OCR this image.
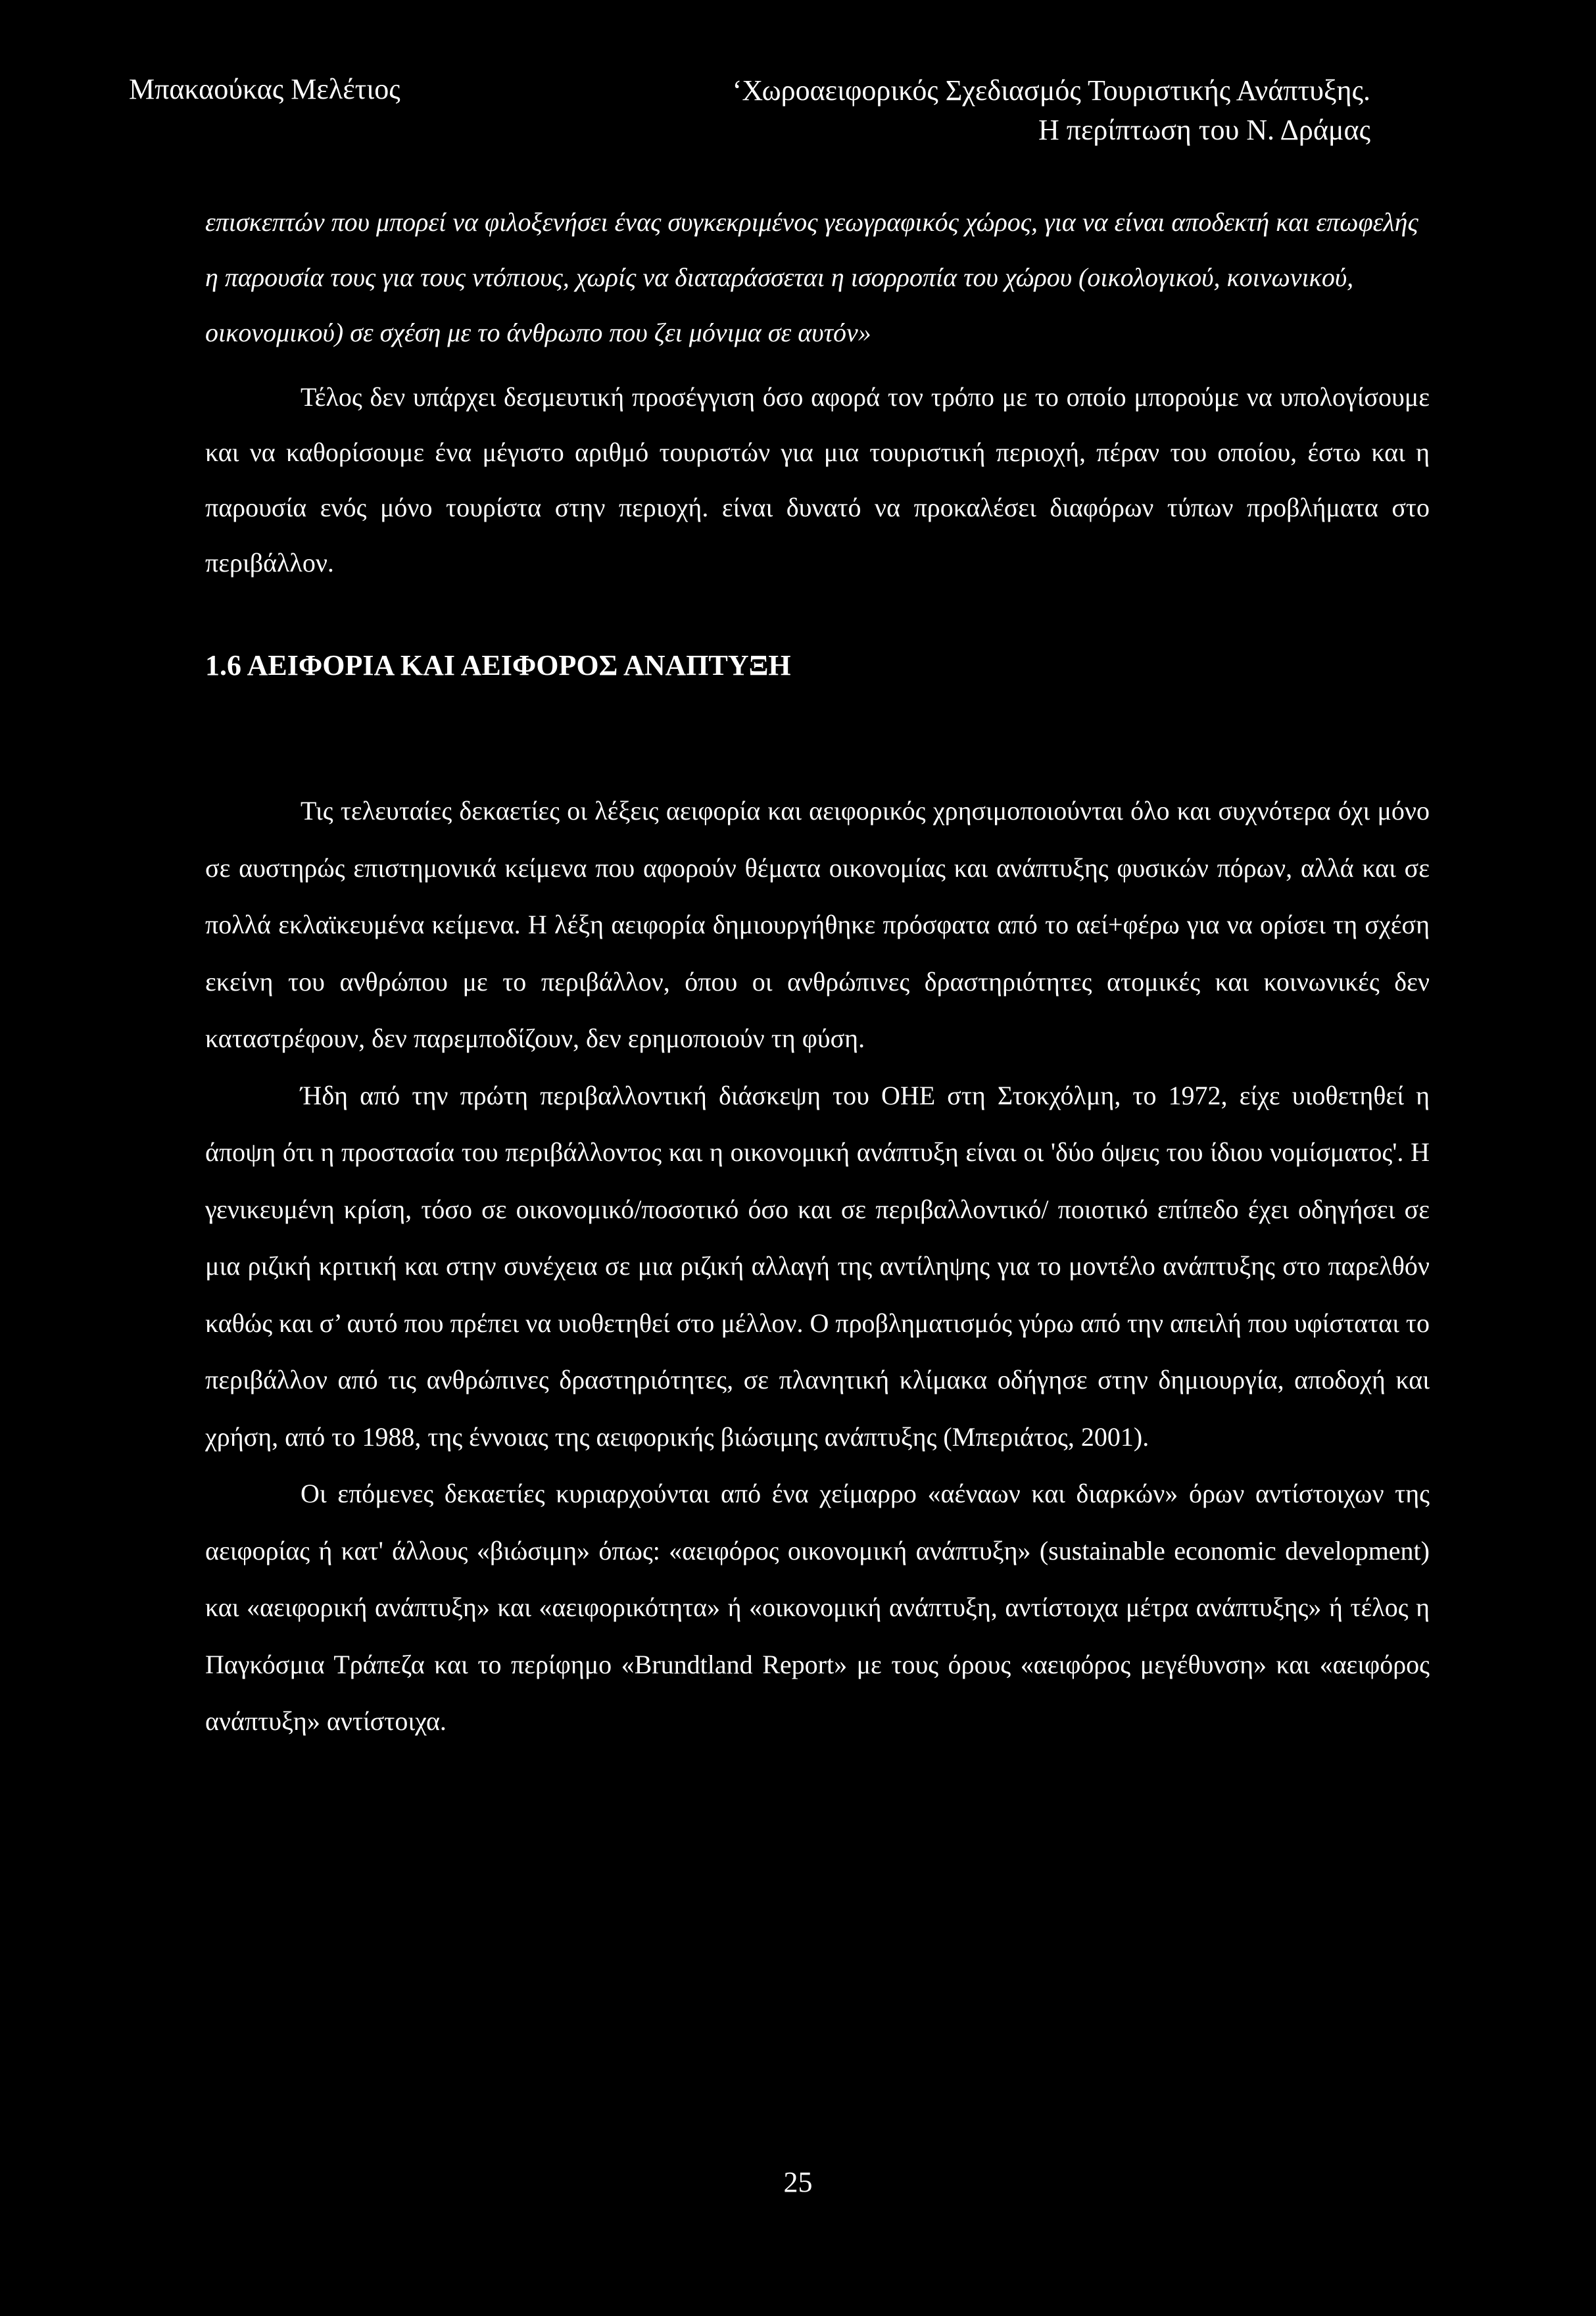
Μπακαούκας Μελέτιος	‘Χωροαειφορικός Σχεδιασμός Τουριστικής Ανάπτυξης.
Η περίπτωση του Ν. Δράμας

επισκεπτών που μπορεί να φιλοξενήσει ένας συγκεκριμένος γεωγραφικός χώρος, για να είναι αποδεκτή και επωφελής η παρουσία τους για τους ντόπιους, χωρίς να διαταράσσεται η ισορροπία του χώρου (οικολογικού, κοινωνικού, οικονομικού) σε σχέση με το άνθρωπο που ζει μόνιμα σε αυτόν»

Τέλος δεν υπάρχει δεσμευτική προσέγγιση όσο αφορά τον τρόπο με το οποίο μπορούμε να υπολογίσουμε και να καθορίσουμε ένα μέγιστο αριθμό τουριστών για μια τουριστική περιοχή, πέραν του οποίου, έστω και η παρουσία ενός μόνο τουρίστα στην περιοχή. είναι δυνατό να προκαλέσει διαφόρων τύπων προβλήματα στο περιβάλλον.

1.6 ΑΕΙΦΟΡΙΑ ΚΑΙ ΑΕΙΦΟΡΟΣ ΑΝΑΠΤΥΞΗ

Τις τελευταίες δεκαετίες οι λέξεις αειφορία και αειφορικός χρησιμοποιούνται όλο και συχνότερα όχι μόνο σε αυστηρώς επιστημονικά κείμενα που αφορούν θέματα οικονομίας και ανάπτυξης φυσικών πόρων, αλλά και σε πολλά εκλαϊκευμένα κείμενα. Η λέξη αειφορία δημιουργήθηκε πρόσφατα από το αεί+φέρω για να ορίσει τη σχέση εκείνη του ανθρώπου με το περιβάλλον, όπου οι ανθρώπινες δραστηριότητες ατομικές και κοινωνικές δεν καταστρέφουν, δεν παρεμποδίζουν, δεν ερημοποιούν τη φύση.

Ήδη από την πρώτη περιβαλλοντική διάσκεψη του ΟΗΕ στη Στοκχόλμη, το 1972, είχε υιοθετηθεί η άποψη ότι η προστασία του περιβάλλοντος και η οικονομική ανάπτυξη είναι οι 'δύο όψεις του ίδιου νομίσματος'. Η γενικευμένη κρίση, τόσο σε οικονομικό/ποσοτικό όσο και σε περιβαλλοντικό/ ποιοτικό επίπεδο έχει οδηγήσει σε μια ριζική κριτική και στην συνέχεια σε μια ριζική αλλαγή της αντίληψης για το μοντέλο ανάπτυξης στο παρελθόν καθώς και σ’ αυτό που πρέπει να υιοθετηθεί στο μέλλον. Ο προβληματισμός γύρω από την απειλή που υφίσταται το περιβάλλον από τις ανθρώπινες δραστηριότητες, σε πλανητική κλίμακα οδήγησε στην δημιουργία, αποδοχή και χρήση, από το 1988, της έννοιας της αειφορικής βιώσιμης ανάπτυξης (Μπεριάτος, 2001).

Οι επόμενες δεκαετίες κυριαρχούνται από ένα χείμαρρο «αέναων και διαρκών» όρων αντίστοιχων της αειφορίας ή κατ' άλλους «βιώσιμη» όπως: «αειφόρος οικονομική ανάπτυξη» (sustainable economic development) και «αειφορική ανάπτυξη» και «αειφορικότητα» ή «οικονομική ανάπτυξη, αντίστοιχα μέτρα ανάπτυξης» ή τέλος η Παγκόσμια Τράπεζα και το περίφημο «Brundtland Report» με τους όρους «αειφόρος μεγέθυνση» και «αειφόρος ανάπτυξη» αντίστοιχα.

25
